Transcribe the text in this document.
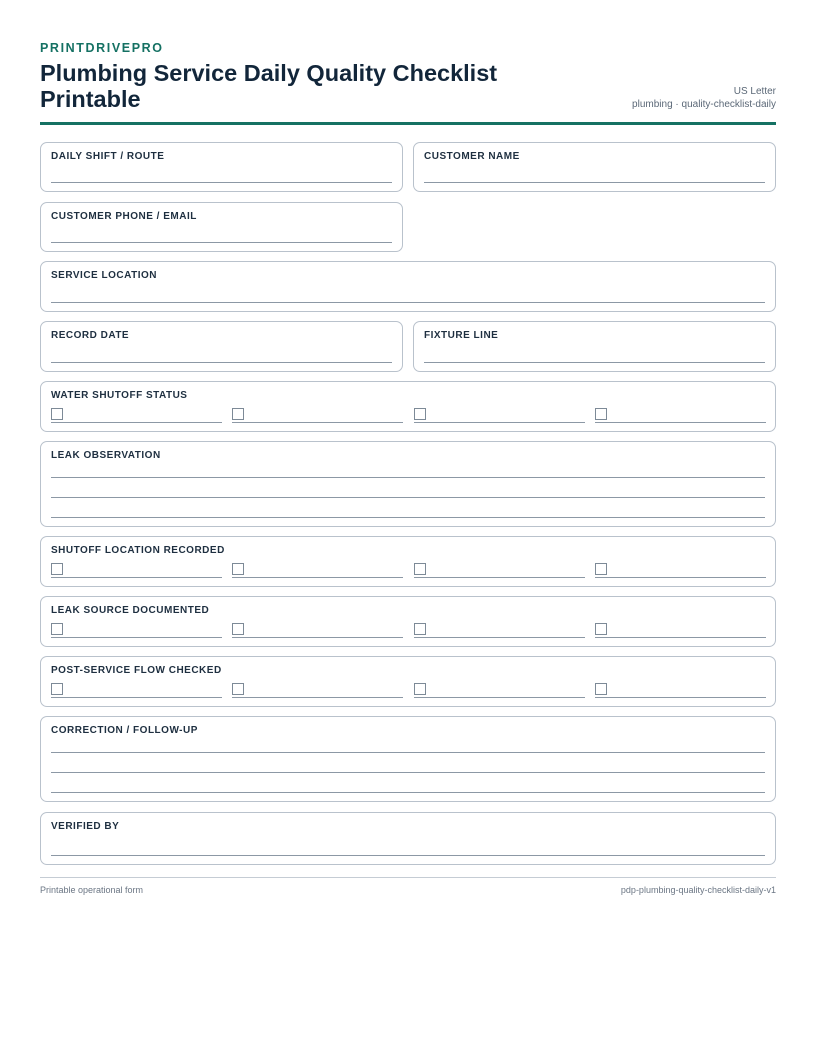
PRINTDRIVEPRO
Plumbing Service Daily Quality Checklist Printable	US Letter
plumbing · quality-checklist-daily
DAILY SHIFT / ROUTE	CUSTOMER NAME
CUSTOMER PHONE / EMAIL
SERVICE LOCATION
RECORD DATE	FIXTURE LINE
WATER SHUTOFF STATUS
LEAK OBSERVATION
SHUTOFF LOCATION RECORDED
LEAK SOURCE DOCUMENTED
POST-SERVICE FLOW CHECKED
CORRECTION / FOLLOW-UP
VERIFIED BY
Printable operational form	pdp-plumbing-quality-checklist-daily-v1
